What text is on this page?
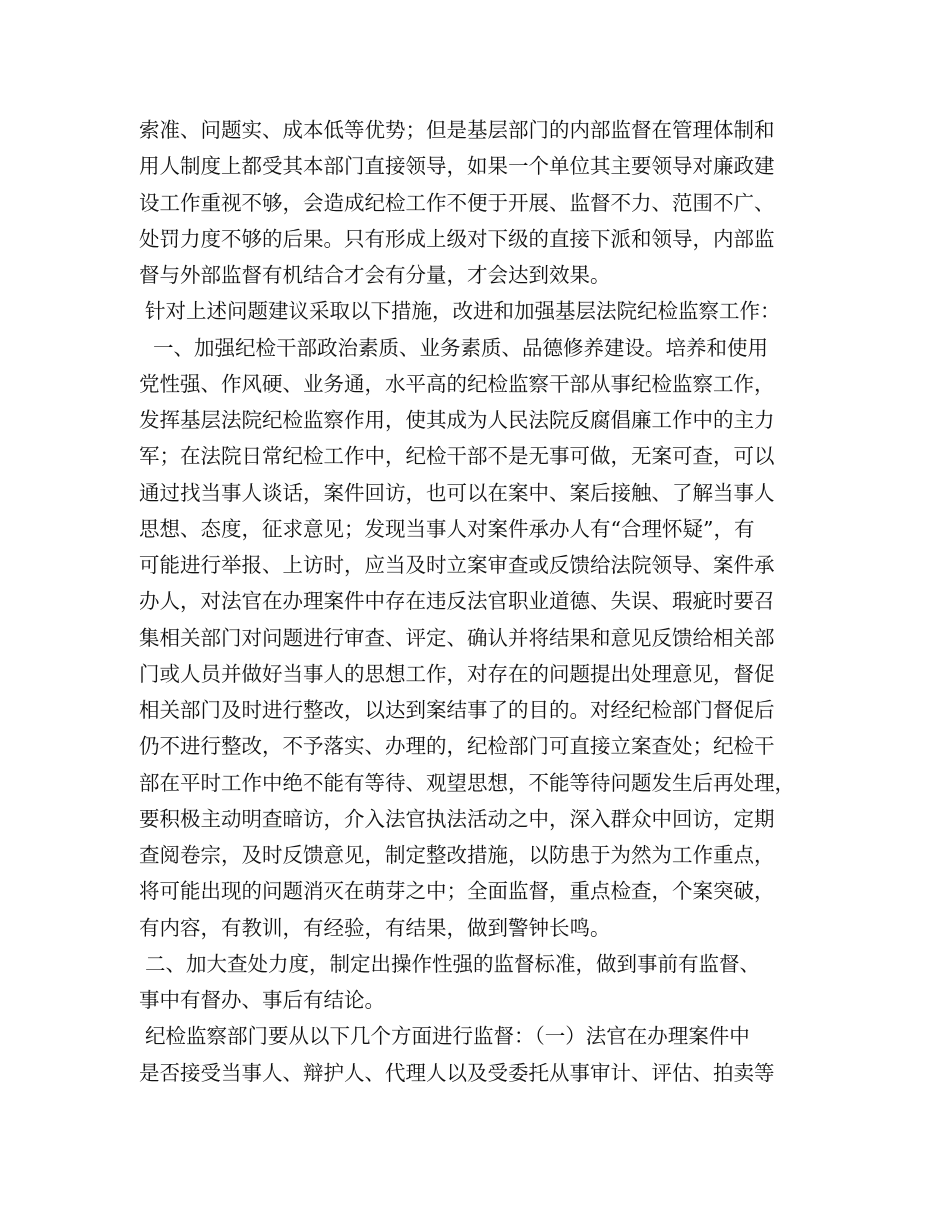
索准、问题实、成本低等优势；但是基层部门的内部监督在管理体制和
用人制度上都受其本部门直接领导，如果一个单位其主要领导对廉政建
设工作重视不够，会造成纪检工作不便于开展、监督不力、范围不广、
处罚力度不够的后果。只有形成上级对下级的直接下派和领导，内部监
督与外部监督有机结合才会有分量，才会达到效果。
针对上述问题建议采取以下措施，改进和加强基层法院纪检监察工作：
一、加强纪检干部政治素质、业务素质、品德修养建设。培养和使用
党性强、作风硬、业务通，水平高的纪检监察干部从事纪检监察工作，
发挥基层法院纪检监察作用，使其成为人民法院反腐倡廉工作中的主力
军；在法院日常纪检工作中，纪检干部不是无事可做，无案可查，可以
通过找当事人谈话，案件回访，也可以在案中、案后接触、了解当事人
思想、态度，征求意见；发现当事人对案件承办人有“合理怀疑”，有
可能进行举报、上访时，应当及时立案审查或反馈给法院领导、案件承
办人，对法官在办理案件中存在违反法官职业道德、失误、瑕疵时要召
集相关部门对问题进行审查、评定、确认并将结果和意见反馈给相关部
门或人员并做好当事人的思想工作，对存在的问题提出处理意见，督促
相关部门及时进行整改，以达到案结事了的目的。对经纪检部门督促后
仍不进行整改，不予落实、办理的，纪检部门可直接立案查处；纪检干
部在平时工作中绝不能有等待、观望思想，不能等待问题发生后再处理，
要积极主动明查暗访，介入法官执法活动之中，深入群众中回访，定期
查阅卷宗，及时反馈意见，制定整改措施，以防患于为然为工作重点，
将可能出现的问题消灭在萌芽之中；全面监督，重点检查，个案突破，
有内容，有教训，有经验，有结果，做到警钟长鸣。
二、加大查处力度，制定出操作性强的监督标准，做到事前有监督、
事中有督办、事后有结论。
纪检监察部门要从以下几个方面进行监督：（一）法官在办理案件中
是否接受当事人、辩护人、代理人以及受委托从事审计、评估、拍卖等
